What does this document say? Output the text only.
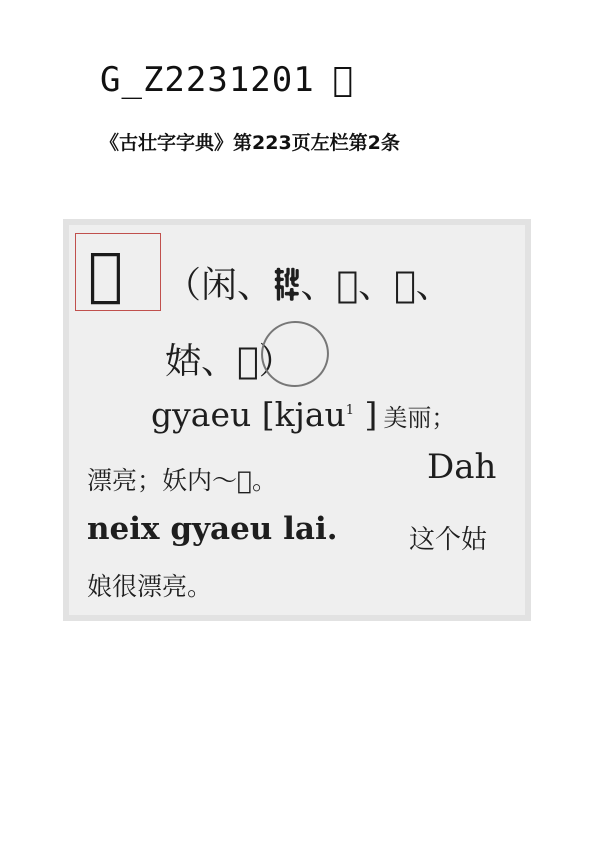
G_Z2231201 𰂔
《古壮字字典》第223页左栏第2条
𰂔 （闲、𮧵、𭢬、𰂕、
𡜺、𰃆）
gyaeu [kjau$^1$ ] 美丽；
漂亮；妖内～𰂔。	Dah
neix gyaeu lai.	这个姑
娘很漂亮。
